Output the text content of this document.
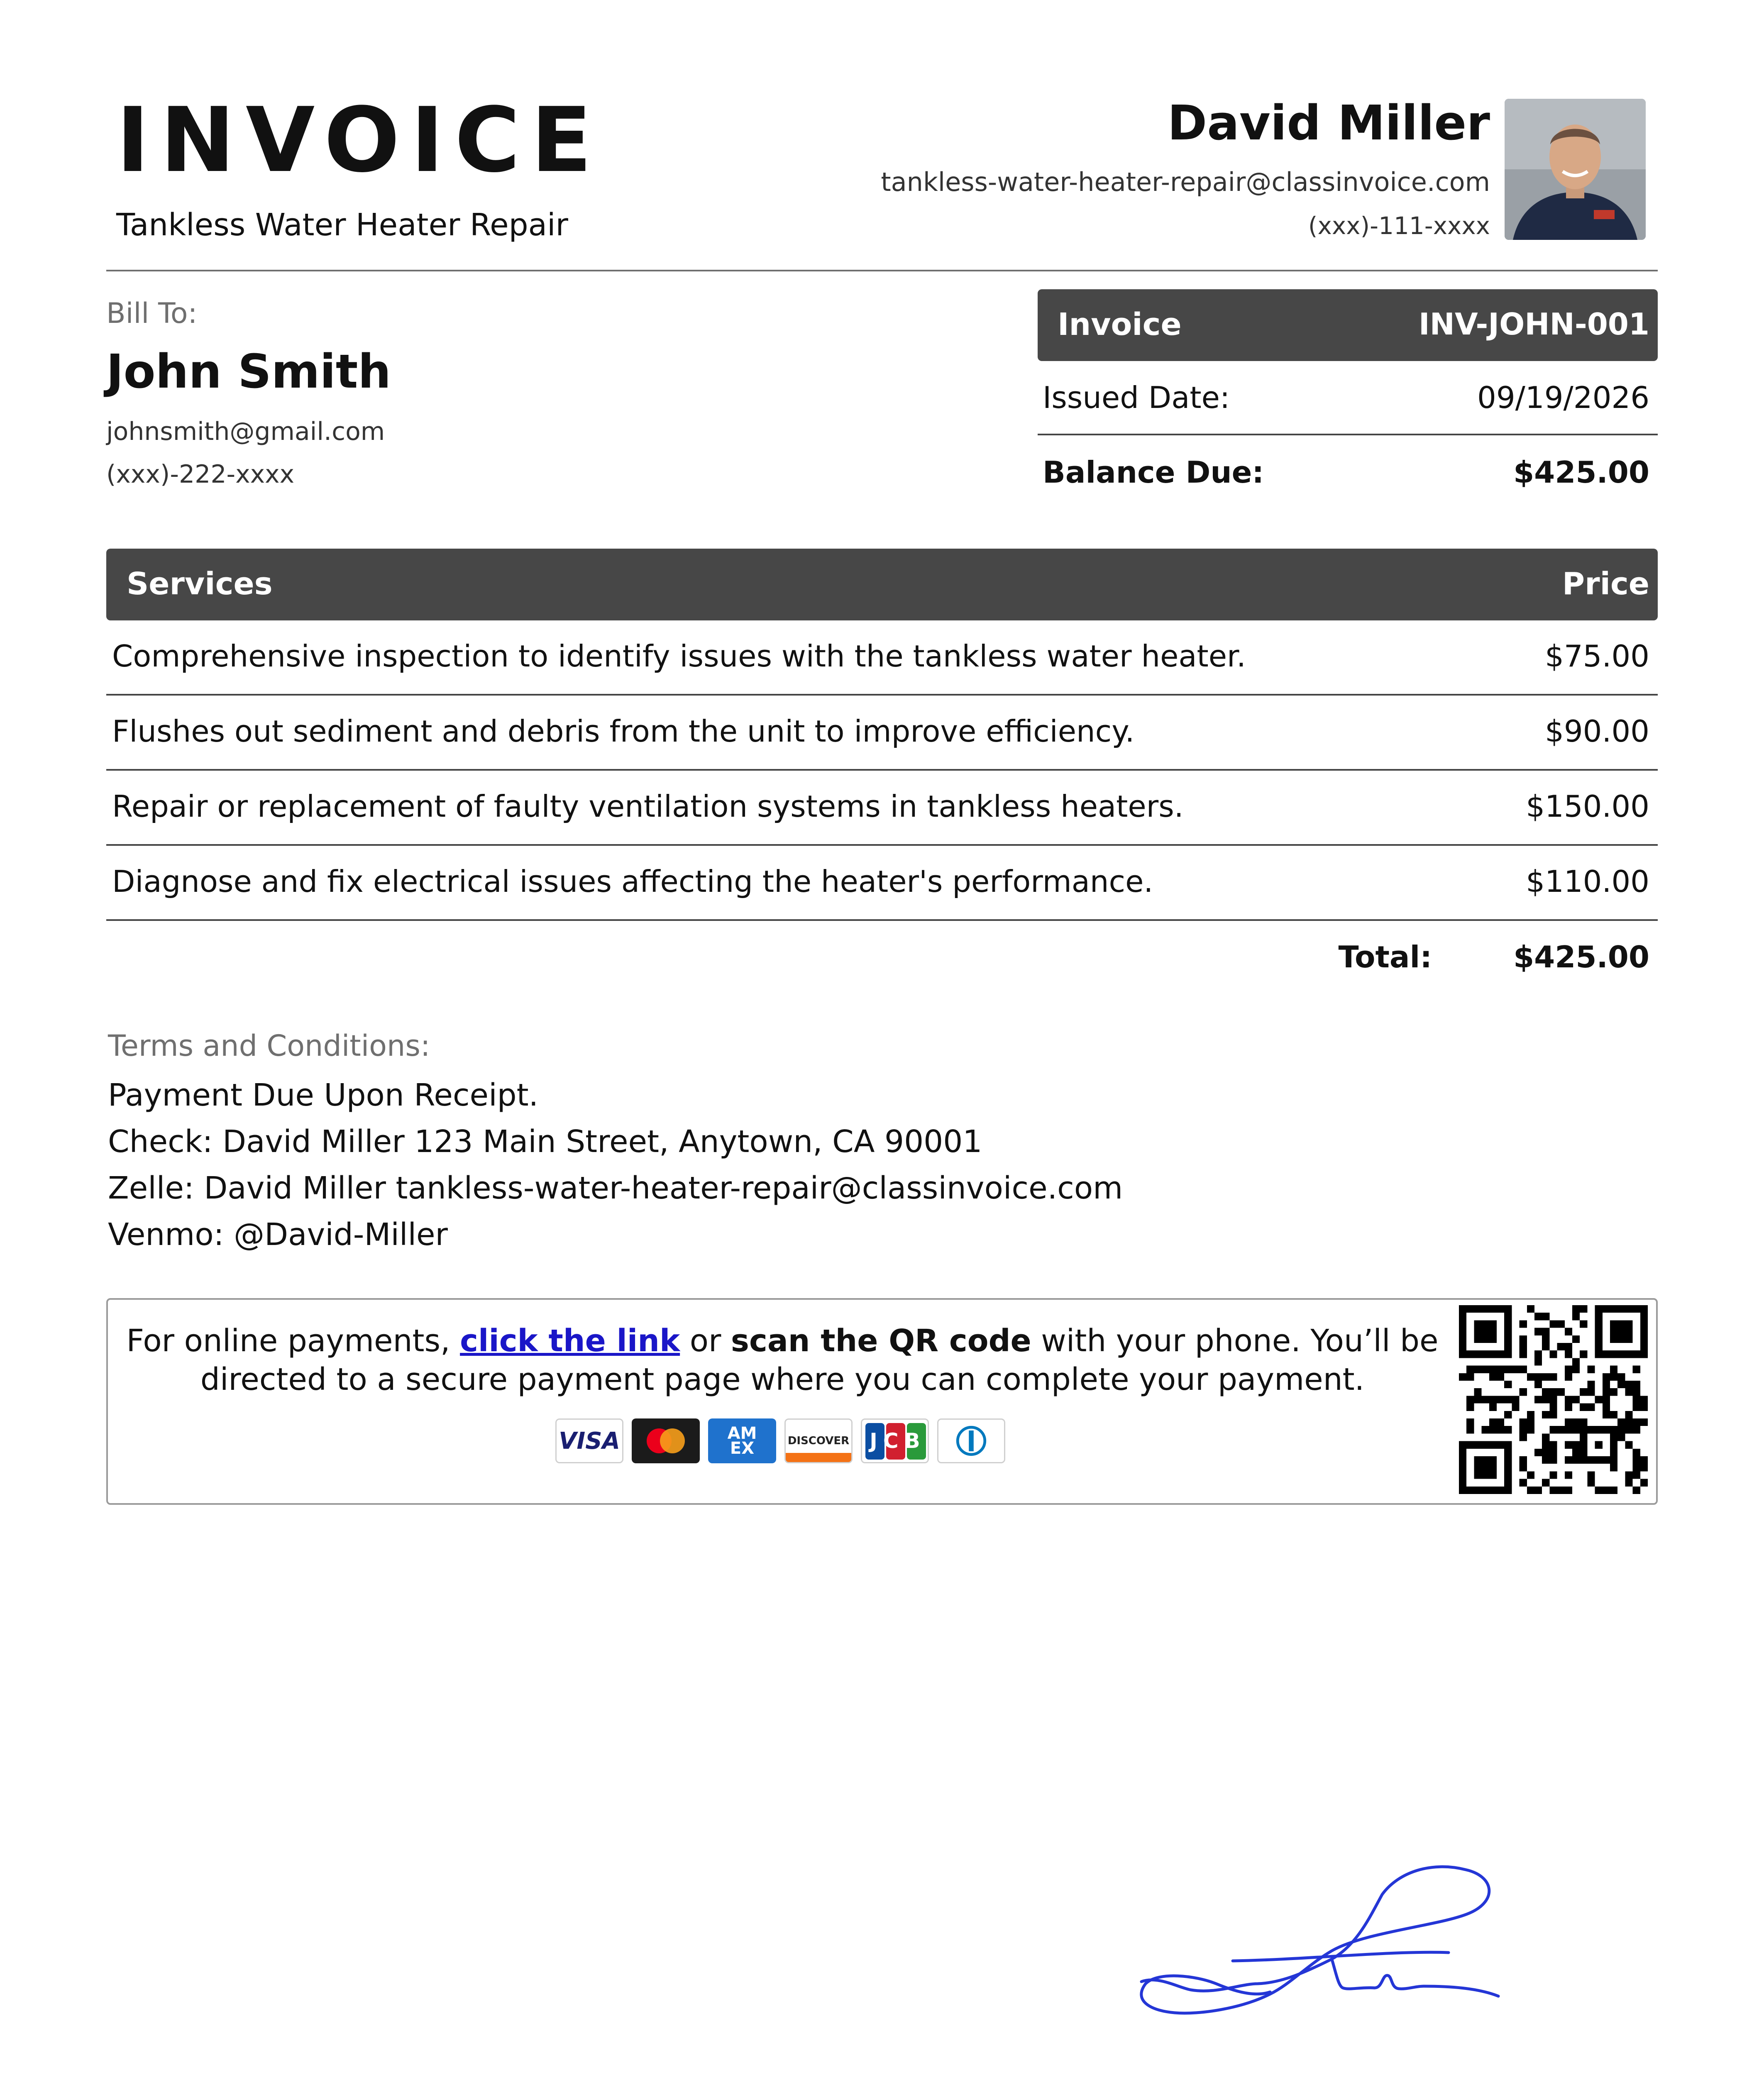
INVOICE
Tankless Water Heater Repair
David Miller
tankless-water-heater-repair@classinvoice.com
(xxx)-111-xxxx
Bill To:
John Smith
johnsmith@gmail.com
(xxx)-222-xxxx
Invoice	INV-JOHN-001
Issued Date:	09/19/2026
Balance Due:	$425.00
Services	Price
Comprehensive inspection to identify issues with the tankless water heater.	$75.00
Flushes out sediment and debris from the unit to improve efficiency.	$90.00
Repair or replacement of faulty ventilation systems in tankless heaters.	$150.00
Diagnose and fix electrical issues affecting the heater's performance.	$110.00
Total:	$425.00
Terms and Conditions:
Payment Due Upon Receipt.
Check: David Miller 123 Main Street, Anytown, CA 90001
Zelle: David Miller tankless-water-heater-repair@classinvoice.com
Venmo: @David-Miller
For online payments, click the link or scan the QR code with your phone. You’ll be directed to a secure payment page where you can complete your payment.
VISA	AM EX	DISCOVER JCB
